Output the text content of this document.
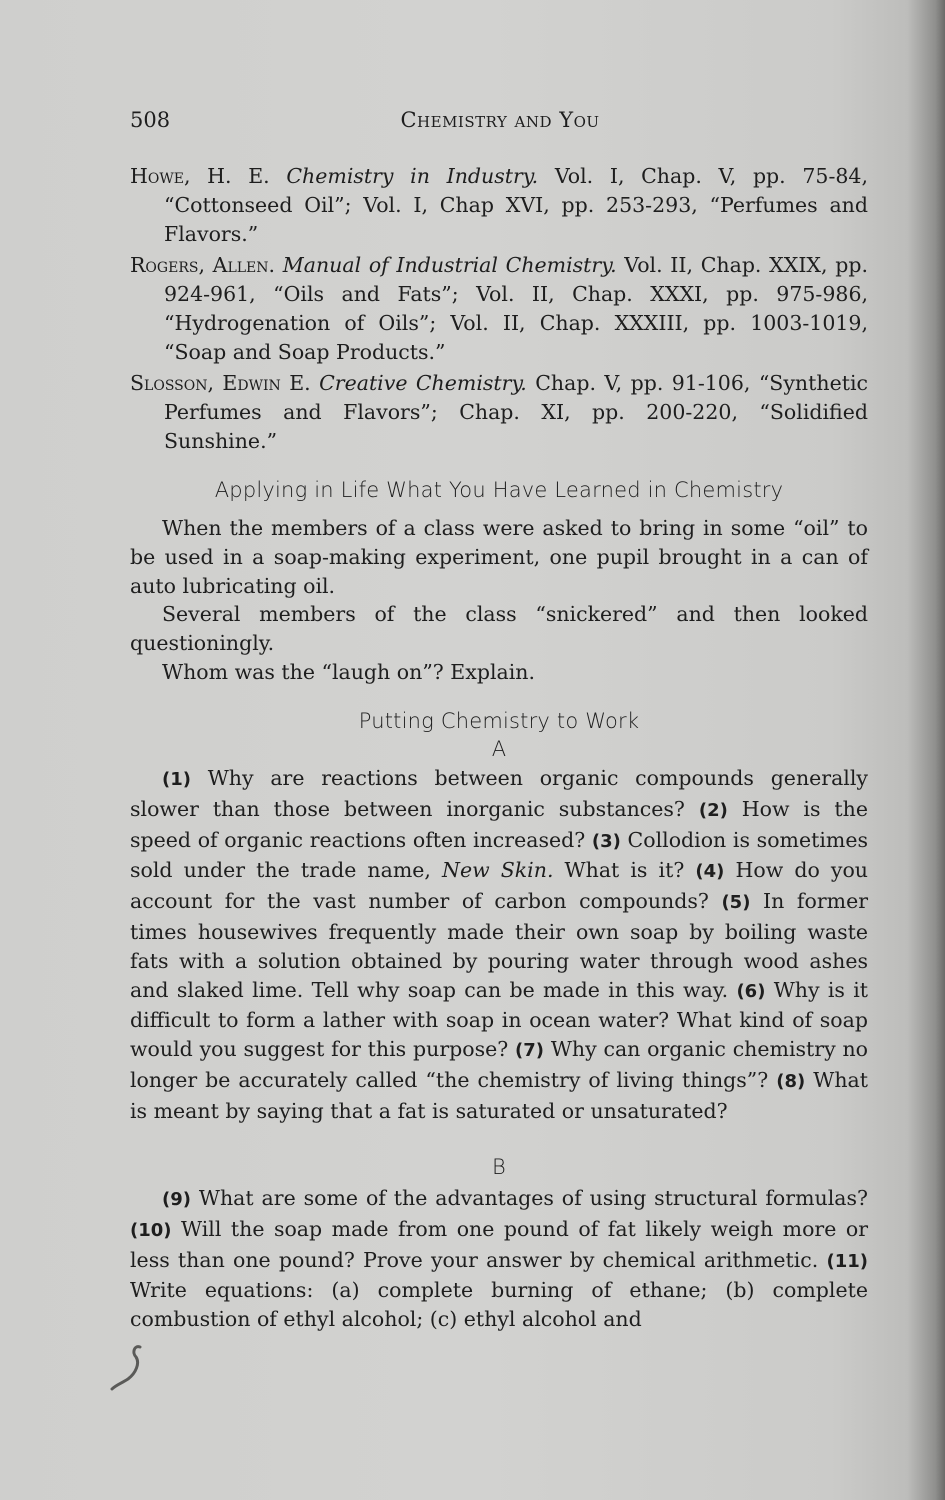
508	Chemistry and You
Howe, H. E. Chemistry in Industry. Vol. I, Chap. V, pp. 75-84, “Cottonseed Oil”; Vol. I, Chap XVI, pp. 253-293, “Perfumes and Flavors.”
Rogers, Allen. Manual of Industrial Chemistry. Vol. II, Chap. XXIX, pp. 924-961, “Oils and Fats”; Vol. II, Chap. XXXI, pp. 975-986, “Hydrogenation of Oils”; Vol. II, Chap. XXXIII, pp. 1003-1019, “Soap and Soap Products.”
Slosson, Edwin E. Creative Chemistry. Chap. V, pp. 91-106, “Synthetic Perfumes and Flavors”; Chap. XI, pp. 200-220, “Solidified Sunshine.”
Applying in Life What You Have Learned in Chemistry

When the members of a class were asked to bring in some “oil” to be used in a soap-making experiment, one pupil brought in a can of auto lubricating oil.

Several members of the class “snickered” and then looked questioningly.

Whom was the “laugh on”? Explain.

Putting Chemistry to Work
A

(1) Why are reactions between organic compounds generally slower than those between inorganic substances? (2) How is the speed of organic reactions often increased? (3) Collodion is sometimes sold under the trade name, New Skin. What is it? (4) How do you account for the vast number of carbon compounds? (5) In former times housewives frequently made their own soap by boiling waste fats with a solution obtained by pouring water through wood ashes and slaked lime. Tell why soap can be made in this way. (6) Why is it difficult to form a lather with soap in ocean water? What kind of soap would you suggest for this purpose? (7) Why can organic chemistry no longer be accurately called “the chemistry of living things”? (8) What is meant by saying that a fat is saturated or unsaturated?

B

(9) What are some of the advantages of using structural formulas? (10) Will the soap made from one pound of fat likely weigh more or less than one pound? Prove your answer by chemical arithmetic. (11) Write equations: (a) complete burning of ethane; (b) complete combustion of ethyl alcohol; (c) ethyl alcohol and
